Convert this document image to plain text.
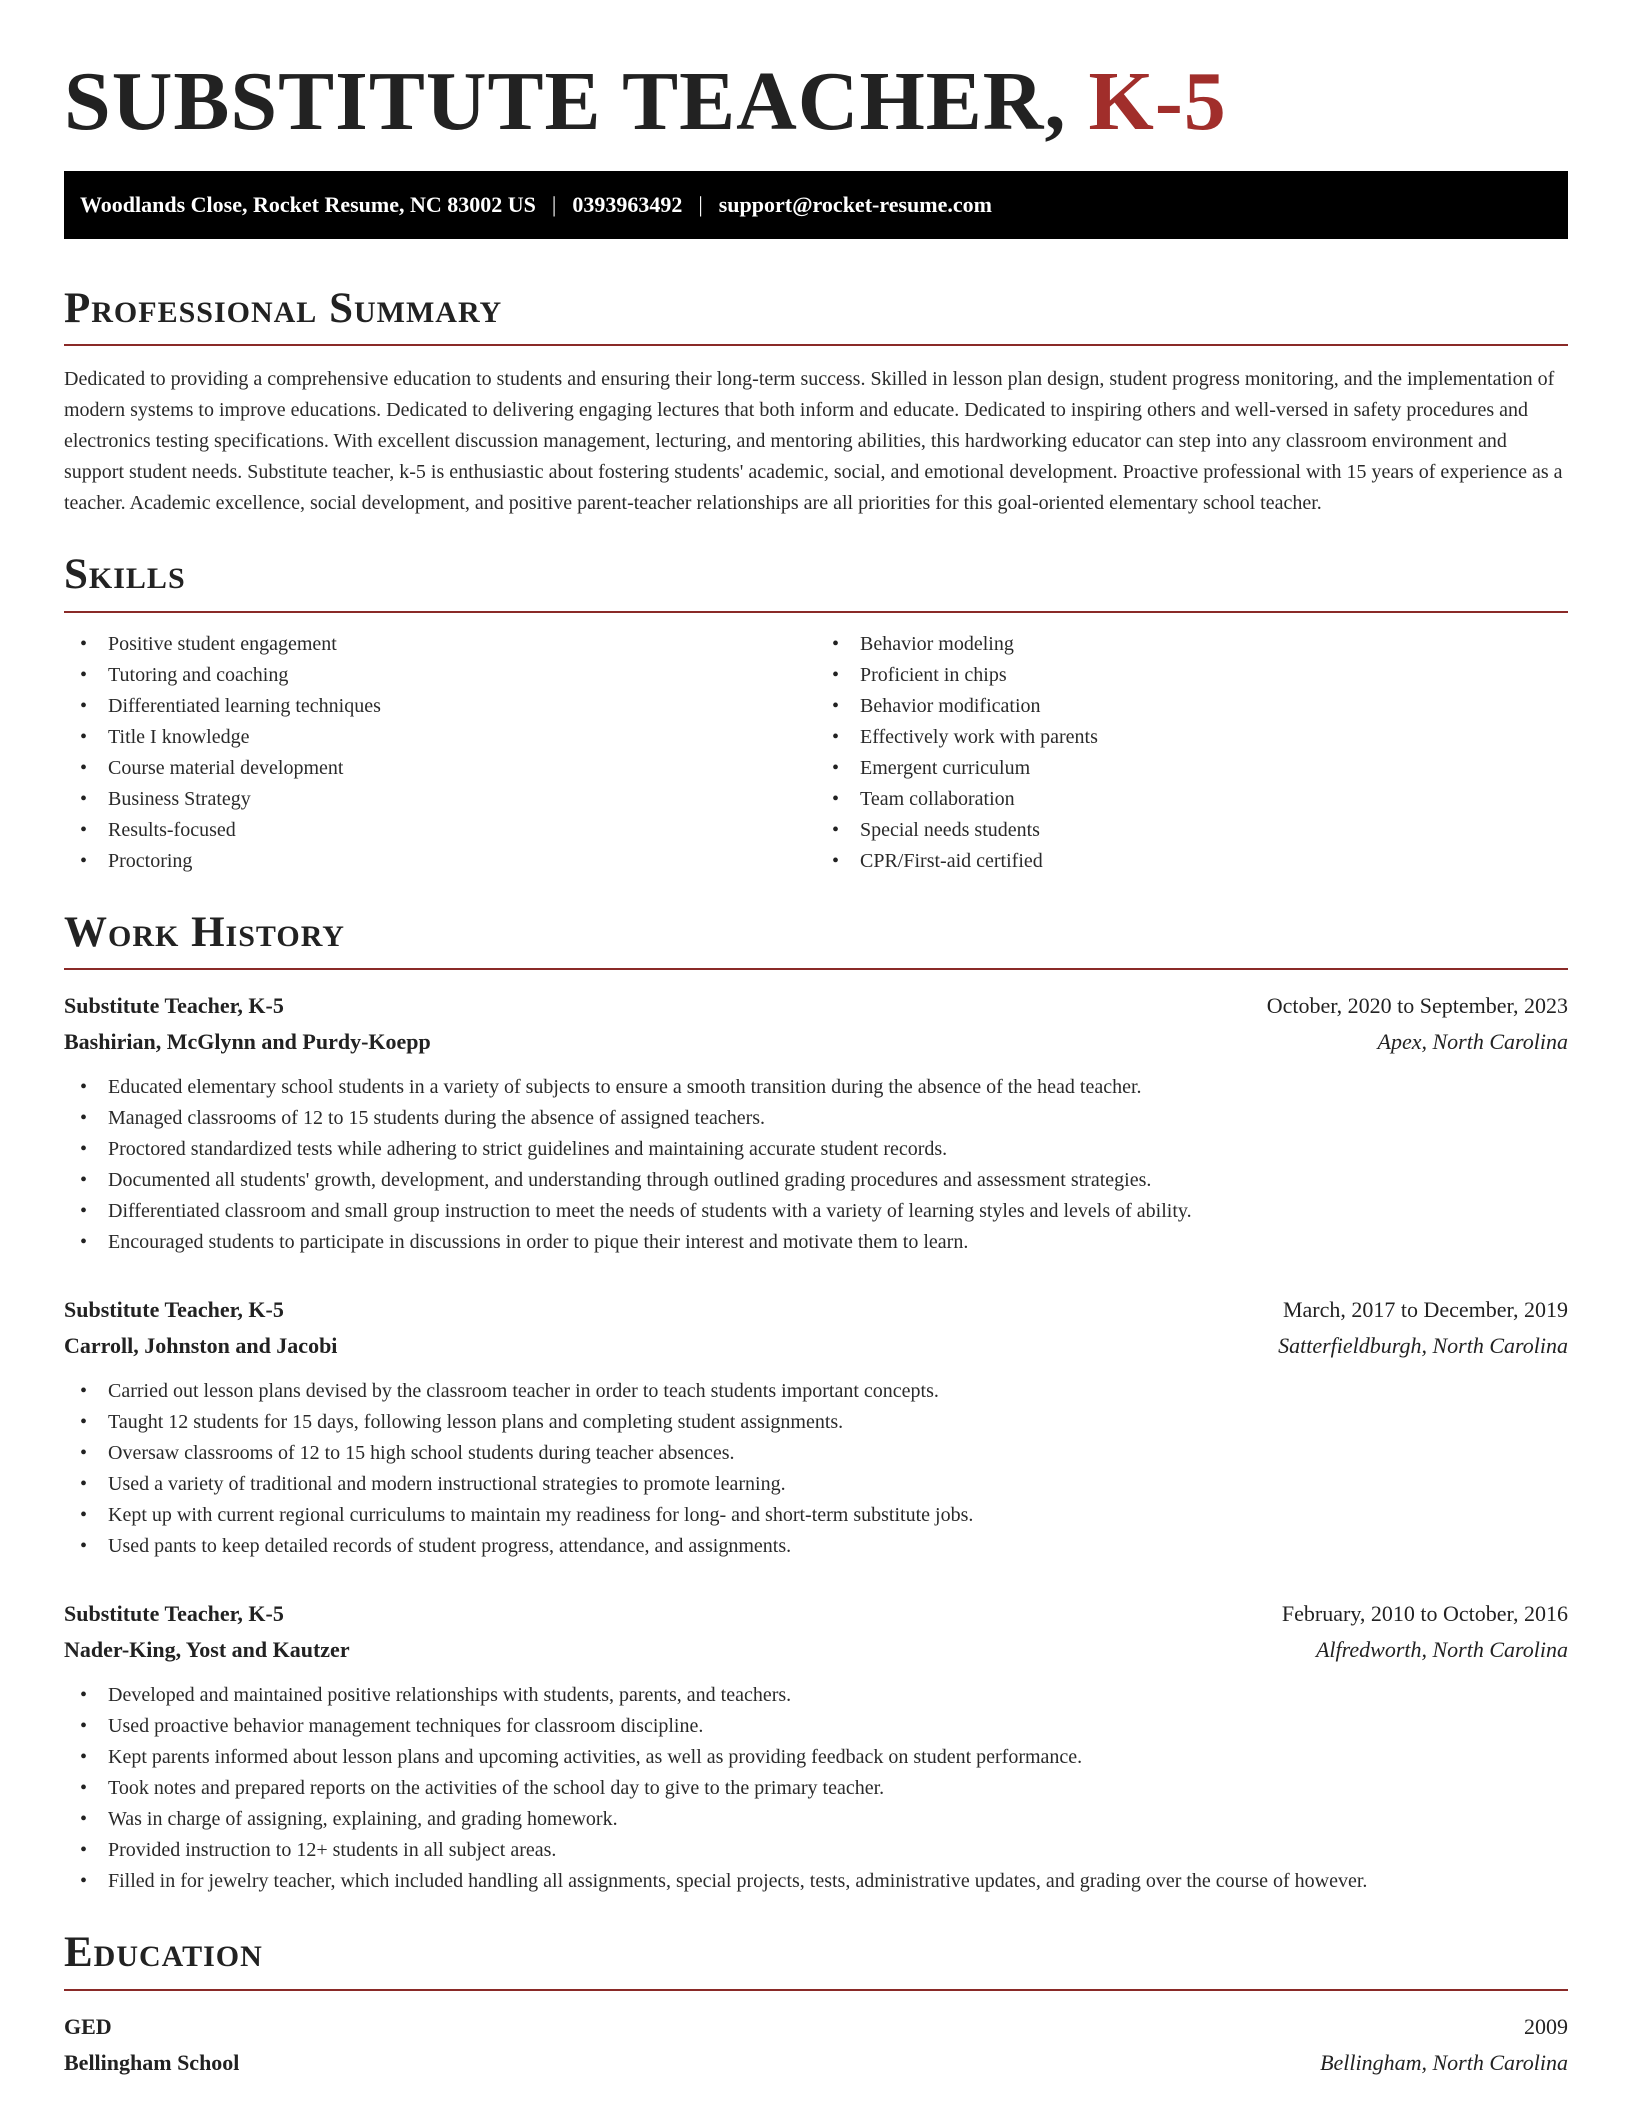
SUBSTITUTE TEACHER, K-5
Woodlands Close, Rocket Resume, NC 83002 US | 0393963492 | support@rocket-resume.com
Professional Summary

Dedicated to providing a comprehensive education to students and ensuring their long-term success. Skilled in lesson plan design, student progress monitoring, and the implementation of modern systems to improve educations. Dedicated to delivering engaging lectures that both inform and educate. Dedicated to inspiring others and well-versed in safety procedures and electronics testing specifications. With excellent discussion management, lecturing, and mentoring abilities, this hardworking educator can step into any classroom environment and support student needs. Substitute teacher, k-5 is enthusiastic about fostering students' academic, social, and emotional development. Proactive professional with 15 years of experience as a teacher. Academic excellence, social development, and positive parent-teacher relationships are all priorities for this goal-oriented elementary school teacher.

Skills
• Positive student engagement
• Tutoring and coaching
• Differentiated learning techniques
• Title I knowledge
• Course material development
• Business Strategy
• Results-focused
• Proctoring
• Behavior modeling
• Proficient in chips
• Behavior modification
• Effectively work with parents
• Emergent curriculum
• Team collaboration
• Special needs students
• CPR/First-aid certified
Work History
Substitute Teacher, K-5	October, 2020 to September, 2023
Bashirian, McGlynn and Purdy-Koepp	Apex, North Carolina
• Educated elementary school students in a variety of subjects to ensure a smooth transition during the absence of the head teacher.
• Managed classrooms of 12 to 15 students during the absence of assigned teachers.
• Proctored standardized tests while adhering to strict guidelines and maintaining accurate student records.
• Documented all students' growth, development, and understanding through outlined grading procedures and assessment strategies.
• Differentiated classroom and small group instruction to meet the needs of students with a variety of learning styles and levels of ability.
• Encouraged students to participate in discussions in order to pique their interest and motivate them to learn.
Substitute Teacher, K-5	March, 2017 to December, 2019
Carroll, Johnston and Jacobi	Satterfieldburgh, North Carolina
• Carried out lesson plans devised by the classroom teacher in order to teach students important concepts.
• Taught 12 students for 15 days, following lesson plans and completing student assignments.
• Oversaw classrooms of 12 to 15 high school students during teacher absences.
• Used a variety of traditional and modern instructional strategies to promote learning.
• Kept up with current regional curriculums to maintain my readiness for long- and short-term substitute jobs.
• Used pants to keep detailed records of student progress, attendance, and assignments.
Substitute Teacher, K-5	February, 2010 to October, 2016
Nader-King, Yost and Kautzer	Alfredworth, North Carolina
• Developed and maintained positive relationships with students, parents, and teachers.
• Used proactive behavior management techniques for classroom discipline.
• Kept parents informed about lesson plans and upcoming activities, as well as providing feedback on student performance.
• Took notes and prepared reports on the activities of the school day to give to the primary teacher.
• Was in charge of assigning, explaining, and grading homework.
• Provided instruction to 12+ students in all subject areas.
• Filled in for jewelry teacher, which included handling all assignments, special projects, tests, administrative updates, and grading over the course of however.
Education
GED	2009
Bellingham School	Bellingham, North Carolina
